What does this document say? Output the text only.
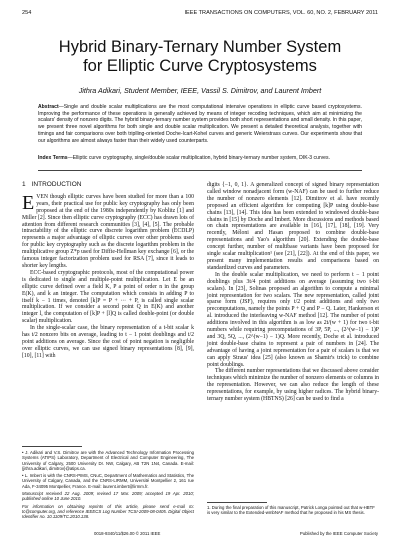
254	IEEE TRANSACTIONS ON COMPUTERS, VOL. 60, NO. 2, FEBRUARY 2011
Hybrid Binary-Ternary Number System
for Elliptic Curve Cryptosystems
Jithra Adikari, Student Member, IEEE, Vassil S. Dimitrov, and Laurent Imbert
Abstract—Single and double scalar multiplications are the most computational intensive operations in elliptic curve based cryptosystems. Improving the performance of these operations is generally achieved by means of integer recoding techniques, which aim at minimizing the scalars' density of nonzero digits. The hybrid binary-ternary number system provides both short representations and small density. In this paper, we present three novel algorithms for both single and double scalar multiplication. We present a detailed theoretical analysis, together with timings and fair comparisons over both triplling-oriented Doche-Icart-Kohel curves and generic Weierstrass curves. Our experiments show that our algorithms are almost always faster than their widely used counterparts.
Index Terms—Elliptic curve cryptography, single/double scalar multiplication, hybrid binary-ternary number system, DIK-3 curves.

1 INTRODUCTION

EVEN though elliptic curves have been studied for more than a 100 years, their practical use for public key cryptography has only been proposed at the end of the 1980s independently by Koblitz [1] and Miller [2]. Since then elliptic curve cryptography (ECC) has drawn lots of attention from different research communities [3], [4], [5]. The probable intractability of the elliptic curve discrete logarithm problem (ECDLP) represents a major advantage of elliptic curves over other problems used for public key cryptography such as the discrete logarithm problem in the multiplicative group Z*p used for Diffie-Hellman key exchange [6], or the famous integer factorization problem used for RSA [7], since it leads to shorter key lengths.

ECC-based cryptographic protocols, most of the computational power is dedicated to single and multiple-point multiplication. Let E be an elliptic curve defined over a field K, P a point of order n in the group E(K), and k an integer. The computation which consists in adding P to itself k − 1 times, denoted [k]P = P + ··· + P, is called single scalar multiplication. If we consider a second point Q in E(K) and another integer l, the computation of [k]P + [l]Q is called double-point (or double scalar) multiplication.

In the single-scalar case, the binary representation of a t-bit scalar k has t/2 nonzero bits on average, leading to t − 1 point doublings and t/2 point additions on average. Since the cost of point negation is negligible over elliptic curves, we can use signed binary representations [8], [9], [10], [11] with

• J. Adikari and V.S. Dimitrov are with the Advanced Technology Information Processing Systems (ATIPS) Laboratory, Department of Electrical and Computer Engineering, The University of Calgary, 2500 University Dr. NW, Calgary, AB T2N 1N4, Canada. E-mail: {jithra.adikari, dimitrov}@atips.ca.

• L. Imbert is with the CNRS-PIMS, CNuC, Department of Mathematics and Statistics, The University of Calgary, Canada, and the CNRS-LIRMM, Université Montpellier 2, 161 rue Ada, F-34095 Montpellier, France. E-mail: laurent.imbert@lirmm.fr.

Manuscript received 22 Aug. 2009; revised 17 Mar. 2009; accepted 19 Apr. 2010; published online 10 June 2010.

For information on obtaining reprints of this article, please send e-mail to: tc@computer.org, and reference IEEECS Log Number TCSI-2009-08-0405. Digital Object Identifier no. 10.1109/TC.2010.138.

digits {−1, 0, 1}. A generalized concept of signed binary representation called window nonadjacent form (w-NAF) can be used to further reduce the number of nonzero elements [12]. Dimitrov et al. have recently proposed an efficient algorithm for computing [k]P using double-base chains [13], [14]. This idea has been extended to windowed double-base chains in [15] by Doche and Imbert. More discussions and methods based on chain representations are available in [16], [17], [18], [19]. Very recently, Méloni and Hasan proposed to combine double-base representations and Yao's algorithm [20]. Extending the double-base concept further, number of multibase variants have been proposed for single scalar multiplication¹ (see [21], [22]). At the end of this paper, we present many implementation results and comparisons based on standardized curves and parameters.

In the double scalar multiplication, we need to perform t − 1 point doublings plus 3t/4 point additions on average (assuming two t-bit scalars). In [23], Solinas proposed an algorithm to compute a minimal joint representation for two scalars. The new representation, called joint sparse form (JSF), requires only t/2 point additions and only two precomputations, namely the points P + Q and P − Q. Later, Hankerson et al. introduced the interleaving w-NAF method [12]. The number of point additions involved in this algorithm is as low as 2t/(w + 1) for two t-bit numbers while requiring precomputations of 3P, 5P, ..., (2^(w−1) − 1)P and 3Q, 5Q, ..., (2^(w−1) − 1)Q. More recently, Doche et al. introduced joint double-base chains to represent a pair of numbers in [24]. The advantage of having a joint representation for a pair of scalars is that we can apply Straus' idea [25] (also known as Shamir's trick) to combine point doublings.

The different number representations that we discussed above consider techniques which minimize the number of nonzero elements or columns in the representation. However, we can also reduce the length of these representations, for example, by using higher radices. The hybrid binary-ternary number system (HBTNS) [26] can be used to find a

1. During the final preparation of this manuscript, Patrick Longa pointed out that w-HBTF is very similar to the Extended-wmbNAF method that he proposed in his MS thesis.
0018-9340/11/$26.00 © 2011 IEEE	Published by the IEEE Computer Society
